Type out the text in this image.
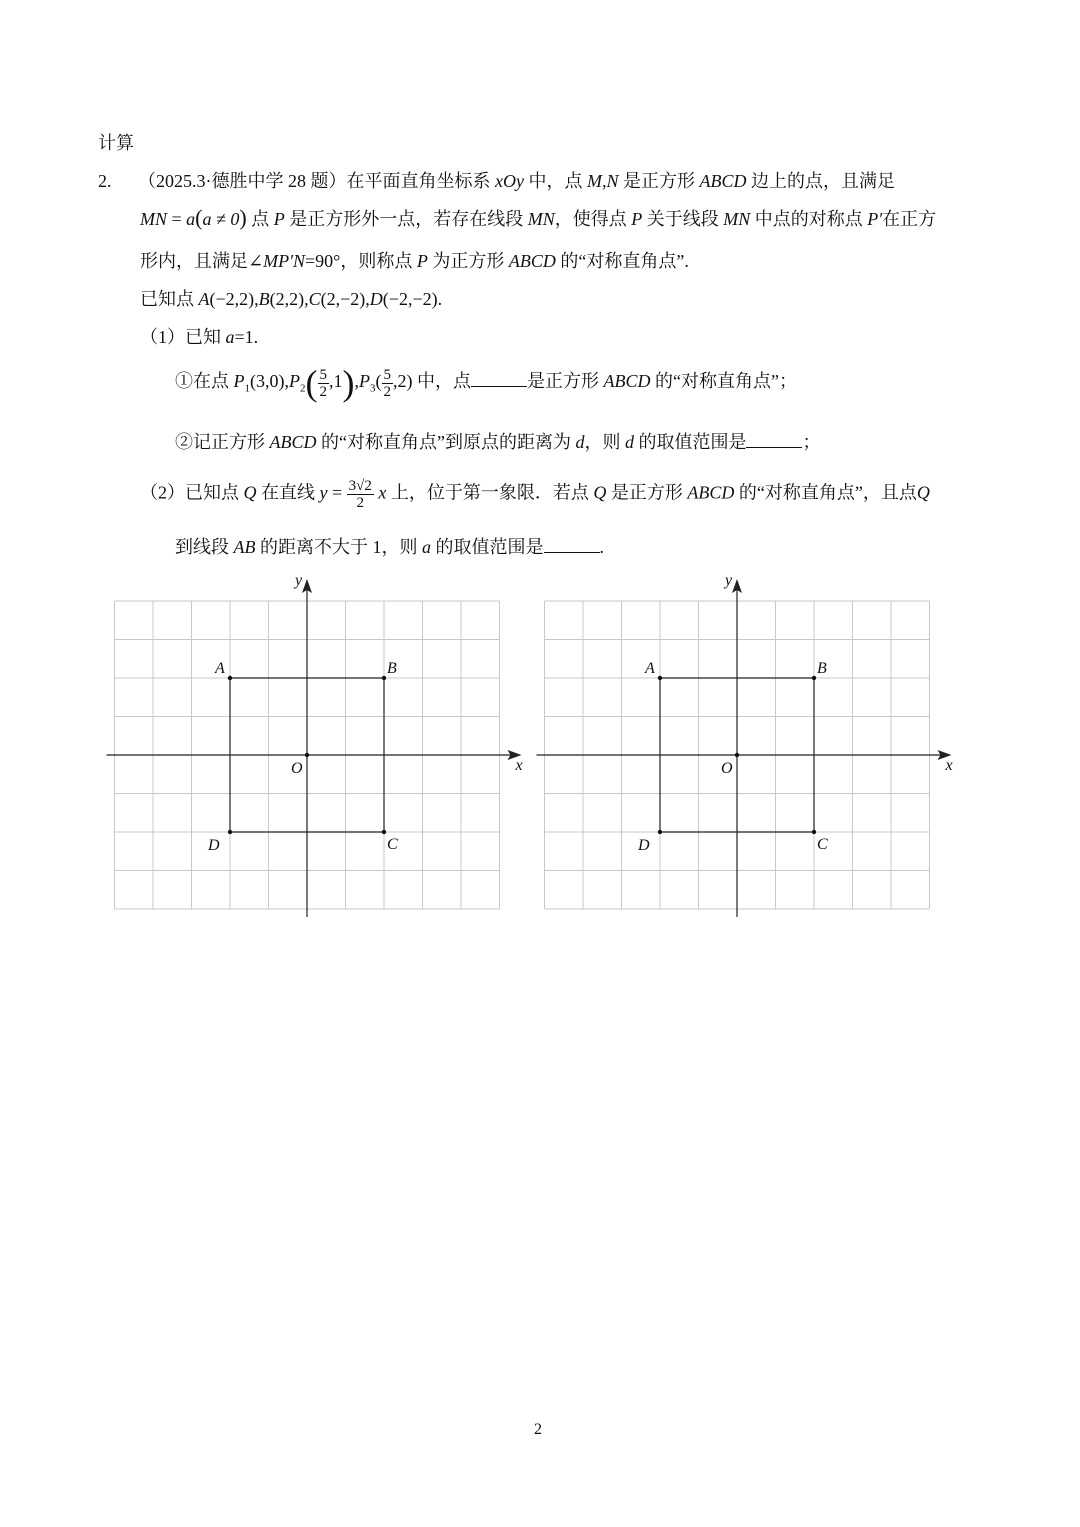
计算
2. （2025.3·德胜中学 28 题）在平面直角坐标系 xOy 中，点 M,N 是正方形 ABCD 边上的点，且满足
MN = a(a ≠ 0) 点 P 是正方形外一点，若存在线段 MN，使得点 P 关于线段 MN 中点的对称点 P′在正方
形内，且满足∠MP′N=90°，则称点 P 为正方形 ABCD 的“对称直角点”.
已知点 A(−2,2),B(2,2),C(2,−2),D(−2,−2).
（1）已知 a=1.
①在点 $P_1(3,0),P_2( \frac{5}{2} ,1),P_3( \frac{5}{2} ,2)$ 中，点	是正方形 ABCD 的“对称直角点”；
②记正方形 ABCD 的“对称直角点”到原点的距离为 d，则 d 的取值范围是	；
（2）已知点 Q 在直线 $y = \frac{3√2}{2}$ x 上，位于第一象限．若点 Q 是正方形 ABCD 的“对称直角点”，且点Q
到线段 AB 的距离不大于 1，则 a 的取值范围是	.
A	B
C
D
O	x
y
A	B
C
D
O	x
y
2
